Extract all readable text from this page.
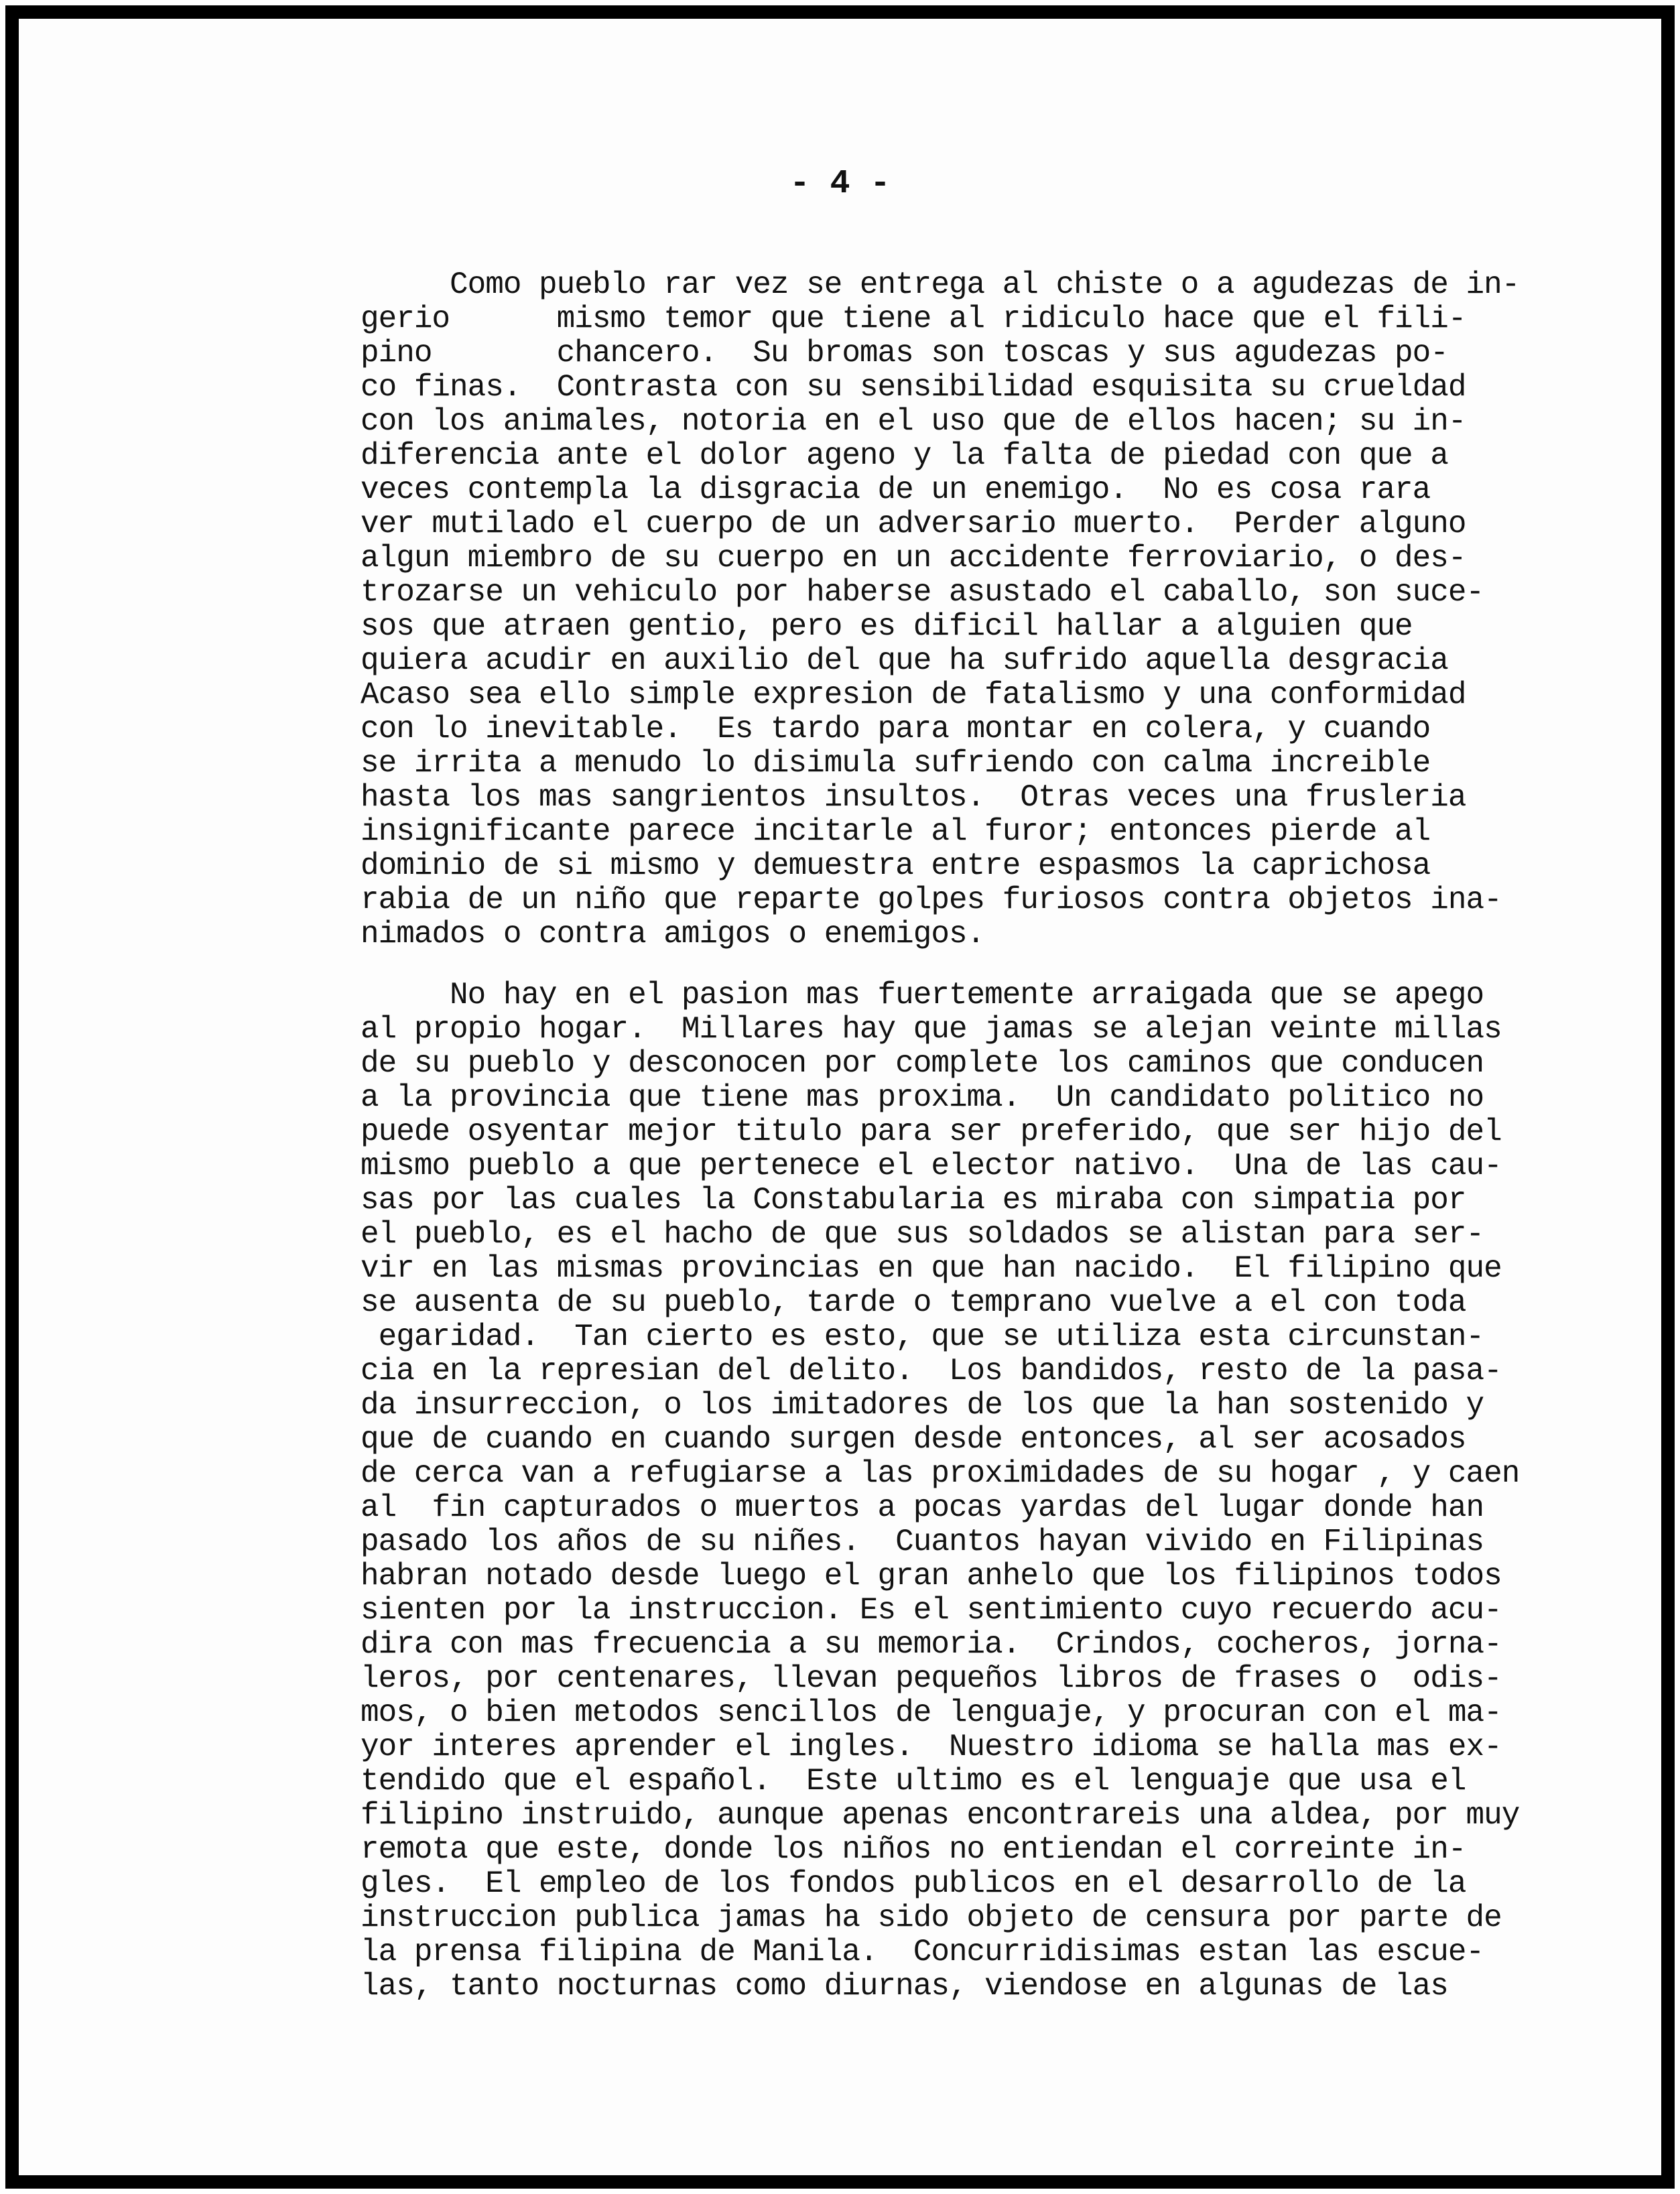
- 4 -
Como pueblo rar vez se entrega al chiste o a agudezas de in-
gerio      mismo temor que tiene al ridiculo hace que el fili-
pino       chancero.  Su bromas son toscas y sus agudezas po-
co finas.  Contrasta con su sensibilidad esquisita su crueldad
con los animales, notoria en el uso que de ellos hacen; su in-
diferencia ante el dolor ageno y la falta de piedad con que a
veces contempla la disgracia de un enemigo.  No es cosa rara
ver mutilado el cuerpo de un adversario muerto.  Perder alguno
algun miembro de su cuerpo en un accidente ferroviario, o des-
trozarse un vehiculo por haberse asustado el caballo, son suce-
sos que atraen gentio, pero es dificil hallar a alguien que
quiera acudir en auxilio del que ha sufrido aquella desgracia
Acaso sea ello simple expresion de fatalismo y una conformidad
con lo inevitable.  Es tardo para montar en colera, y cuando
se irrita a menudo lo disimula sufriendo con calma increible
hasta los mas sangrientos insultos.  Otras veces una frusleria
insignificante parece incitarle al furor; entonces pierde al
dominio de si mismo y demuestra entre espasmos la caprichosa
rabia de un niño que reparte golpes furiosos contra objetos ina-
nimados o contra amigos o enemigos.
No hay en el pasion mas fuertemente arraigada que se apego
al propio hogar.  Millares hay que jamas se alejan veinte millas
de su pueblo y desconocen por complete los caminos que conducen
a la provincia que tiene mas proxima.  Un candidato politico no
puede osyentar mejor titulo para ser preferido, que ser hijo del
mismo pueblo a que pertenece el elector nativo.  Una de las cau-
sas por las cuales la Constabularia es miraba con simpatia por
el pueblo, es el hacho de que sus soldados se alistan para ser-
vir en las mismas provincias en que han nacido.  El filipino que
se ausenta de su pueblo, tarde o temprano vuelve a el con toda
egaridad.  Tan cierto es esto, que se utiliza esta circunstan-
cia en la represian del delito.  Los bandidos, resto de la pasa-
da insurreccion, o los imitadores de los que la han sostenido y
que de cuando en cuando surgen desde entonces, al ser acosados
de cerca van a refugiarse a las proximidades de su hogar , y caen
al  fin capturados o muertos a pocas yardas del lugar donde han
pasado los años de su niñes.  Cuantos hayan vivido en Filipinas
habran notado desde luego el gran anhelo que los filipinos todos
sienten por la instruccion. Es el sentimiento cuyo recuerdo acu-
dira con mas frecuencia a su memoria.  Crindos, cocheros, jorna-
leros, por centenares, llevan pequeños libros de frases o  odis-
mos, o bien metodos sencillos de lenguaje, y procuran con el ma-
yor interes aprender el ingles.  Nuestro idioma se halla mas ex-
tendido que el español.  Este ultimo es el lenguaje que usa el
filipino instruido, aunque apenas encontrareis una aldea, por muy
remota que este, donde los niños no entiendan el correinte in-
gles.  El empleo de los fondos publicos en el desarrollo de la
instruccion publica jamas ha sido objeto de censura por parte de
la prensa filipina de Manila.  Concurridisimas estan las escue-
las, tanto nocturnas como diurnas, viendose en algunas de las
